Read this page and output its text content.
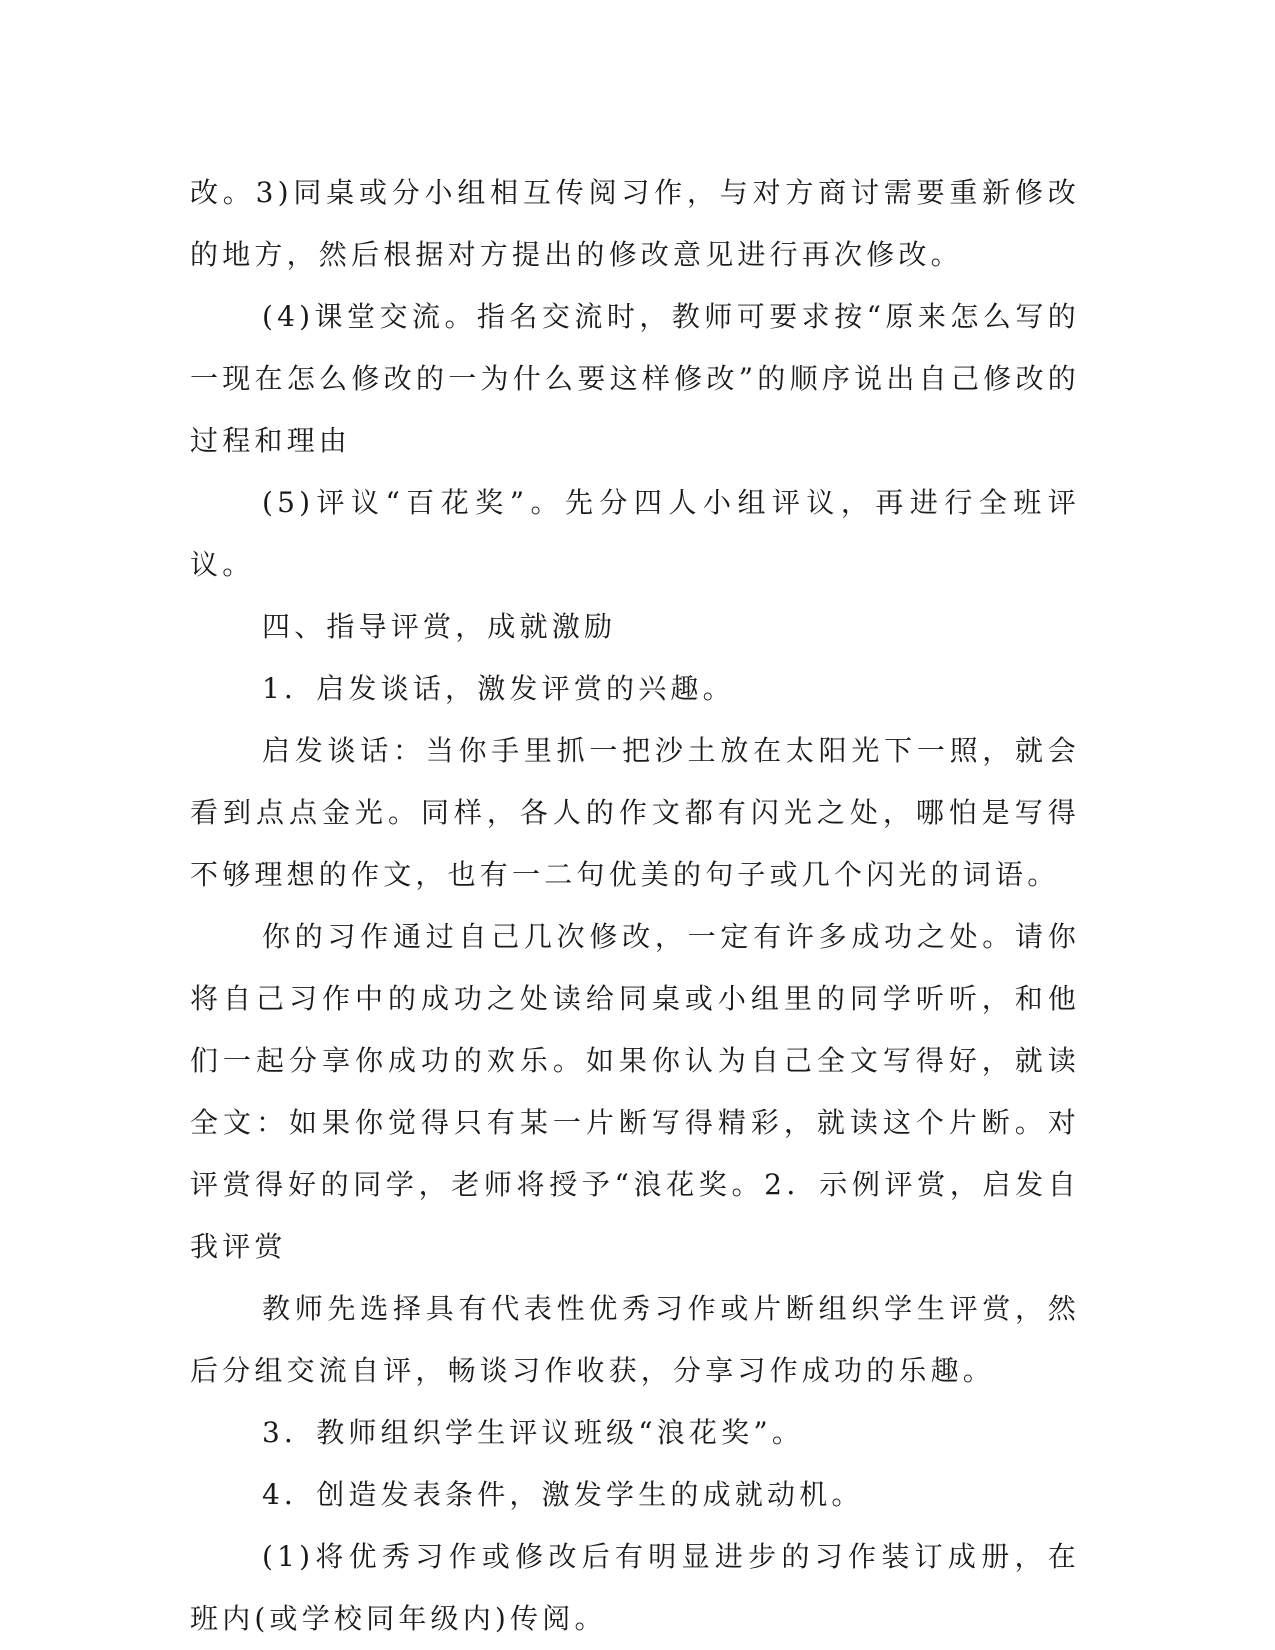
改。3)同桌或分小组相互传阅习作，与对方商讨需要重新修改的地方，然后根据对方提出的修改意见进行再次修改。

(4)课堂交流。指名交流时，教师可要求按“原来怎么写的一现在怎么修改的一为什么要这样修改”的顺序说出自己修改的过程和理由

(5)评议“百花奖”。先分四人小组评议，再进行全班评议。

四、指导评赏，成就激励

1．启发谈话，激发评赏的兴趣。

启发谈话：当你手里抓一把沙土放在太阳光下一照，就会看到点点金光。同样，各人的作文都有闪光之处，哪怕是写得不够理想的作文，也有一二句优美的句子或几个闪光的词语。

你的习作通过自己几次修改，一定有许多成功之处。请你将自己习作中的成功之处读给同桌或小组里的同学听听，和他们一起分享你成功的欢乐。如果你认为自己全文写得好，就读全文：如果你觉得只有某一片断写得精彩，就读这个片断。对评赏得好的同学，老师将授予“浪花奖。2．示例评赏，启发自我评赏

教师先选择具有代表性优秀习作或片断组织学生评赏，然后分组交流自评，畅谈习作收获，分享习作成功的乐趣。

3．教师组织学生评议班级“浪花奖”。

4．创造发表条件，激发学生的成就动机。

(1)将优秀习作或修改后有明显进步的习作装订成册，在班内(或学校同年级内)传阅。
